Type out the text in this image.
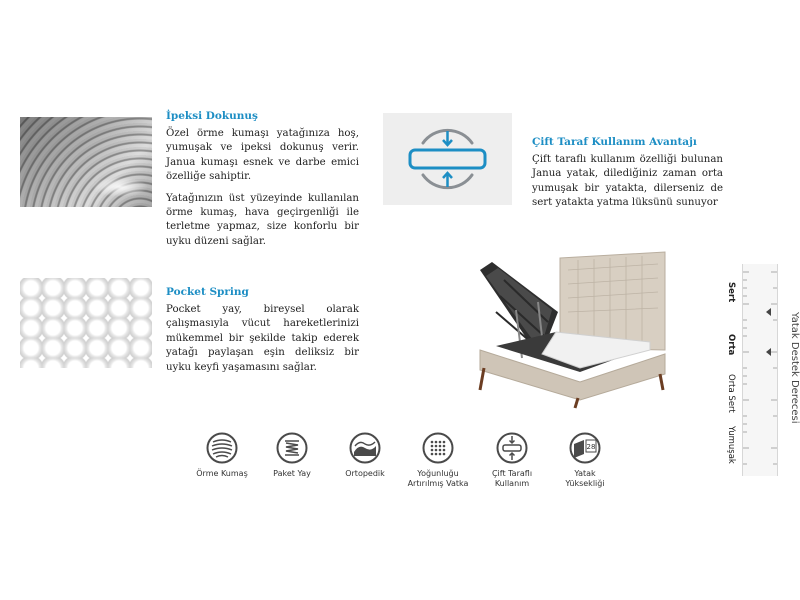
İpeksi Dokunuş

Özel örme kumaşı yatağınıza hoş, yumuşak ve ipeksi dokunuş verir. Janua kumaşı esnek ve darbe emici özelliğe sahiptir.

Yatağınızın üst yüzeyinde kullanılan örme kumaş, hava geçirgenliği ile terletme yapmaz, size konforlu bir uyku düzeni sağlar.

Çift Taraf Kullanım Avantajı

Çift taraflı kullanım özelliği bulunan Janua yatak, dilediğiniz zaman orta yumuşak bir yatakta, dilerseniz de sert yatakta yatma lüksünü sunuyor

Pocket Spring

Pocket yay, bireysel olarak çalışmasıyla vücut hareketlerinizi mükemmel bir şekilde takip ederek yatağı paylaşan eşin deliksiz bir uyku keyfi yaşamasını sağlar.

Sert
Orta
Orta Sert
Yumuşak
Yatak Destek Derecesi
Örme Kumaş	Paket Yay	Ortopedik	Yoğunluğu
Artırılmış Vatka
Çift Taraflı
Kullanım
28
Yatak
Yüksekliği
